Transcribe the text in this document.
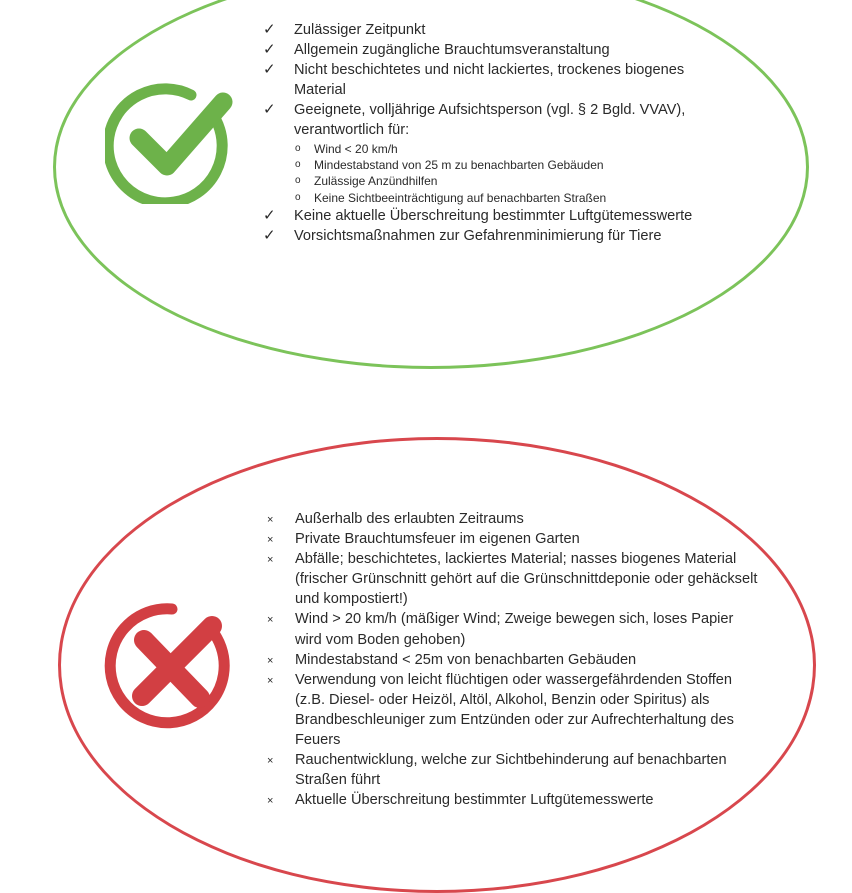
✓	Zulässiger Zeitpunkt
✓	Allgemein zugängliche Brauchtumsveranstaltung
✓	Nicht beschichtetes und nicht lackiertes, trockenes biogenes Material
✓	Geeignete, volljährige Aufsichtsperson (vgl. § 2 Bgld. VVAV), verantwortlich für:
o	Wind < 20 km/h
o	Mindestabstand von 25 m zu benachbarten Gebäuden
o	Zulässige Anzündhilfen
o	Keine Sichtbeeinträchtigung auf benachbarten Straßen
✓	Keine aktuelle Überschreitung bestimmter Luftgütemesswerte
✓	Vorsichtsmaßnahmen zur Gefahrenminimierung für Tiere
×	Außerhalb des erlaubten Zeitraums
×	Private Brauchtumsfeuer im eigenen Garten
×	Abfälle; beschichtetes, lackiertes Material; nasses biogenes Material (frischer Grünschnitt gehört auf die Grünschnittdeponie oder gehäckselt und kompostiert!)
×	Wind > 20 km/h (mäßiger Wind; Zweige bewegen sich, loses Papier wird vom Boden gehoben)
×	Mindestabstand < 25m von benachbarten Gebäuden
×	Verwendung von leicht flüchtigen oder wassergefährdenden Stoffen (z.B. Diesel- oder Heizöl, Altöl, Alkohol, Benzin oder Spiritus) als Brandbeschleuniger zum Entzünden oder zur Aufrechterhaltung des Feuers
×	Rauchentwicklung, welche zur Sichtbehinderung auf benachbarten Straßen führt
×	Aktuelle Überschreitung bestimmter Luftgütemesswerte
